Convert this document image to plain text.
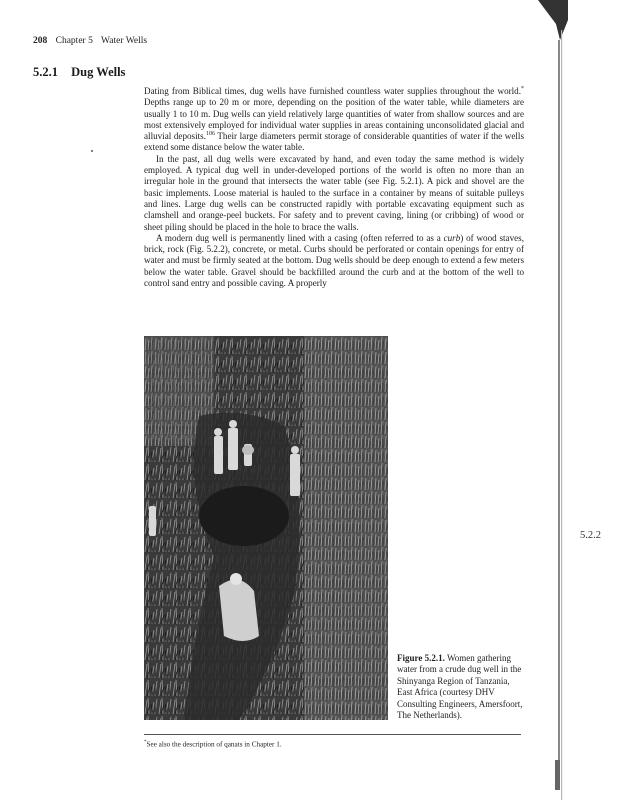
208 Chapter 5 Water Wells
5.2.1 Dug Wells

Dating from Biblical times, dug wells have furnished countless water supplies throughout the world.* Depths range up to 20 m or more, depending on the position of the water table, while diameters are usually 1 to 10 m. Dug wells can yield relatively large quantities of water from shallow sources and are most extensively employed for individual water supplies in areas containing unconsolidated glacial and alluvial deposits.$^{106}$ Their large diameters permit storage of considerable quantities of water if the wells extend some distance below the water table.

In the past, all dug wells were excavated by hand, and even today the same method is widely employed. A typical dug well in under-developed portions of the world is often no more than an irregular hole in the ground that intersects the water table (see Fig. 5.2.1). A pick and shovel are the basic implements. Loose material is hauled to the surface in a container by means of suitable pulleys and lines. Large dug wells can be constructed rapidly with portable excavating equipment such as clamshell and orange-peel buckets. For safety and to prevent caving, lining (or cribbing) of wood or sheet piling should be placed in the hole to brace the walls.

A modern dug well is permanently lined with a casing (often referred to as a curb) of wood staves, brick, rock (Fig. 5.2.2), concrete, or metal. Curbs should be perforated or contain openings for entry of water and must be firmly seated at the bottom. Dug wells should be deep enough to extend a few meters below the water table. Gravel should be backfilled around the curb and at the bottom of the well to control sand entry and possible caving. A properly

Figure 5.2.1. Women gathering water from a crude dug well in the Shinyanga Region of Tanzania, East Africa (courtesy DHV Consulting Engineers, Amersfoort, The Netherlands).
*See also the description of qanats in Chapter 1.
5.2.2
